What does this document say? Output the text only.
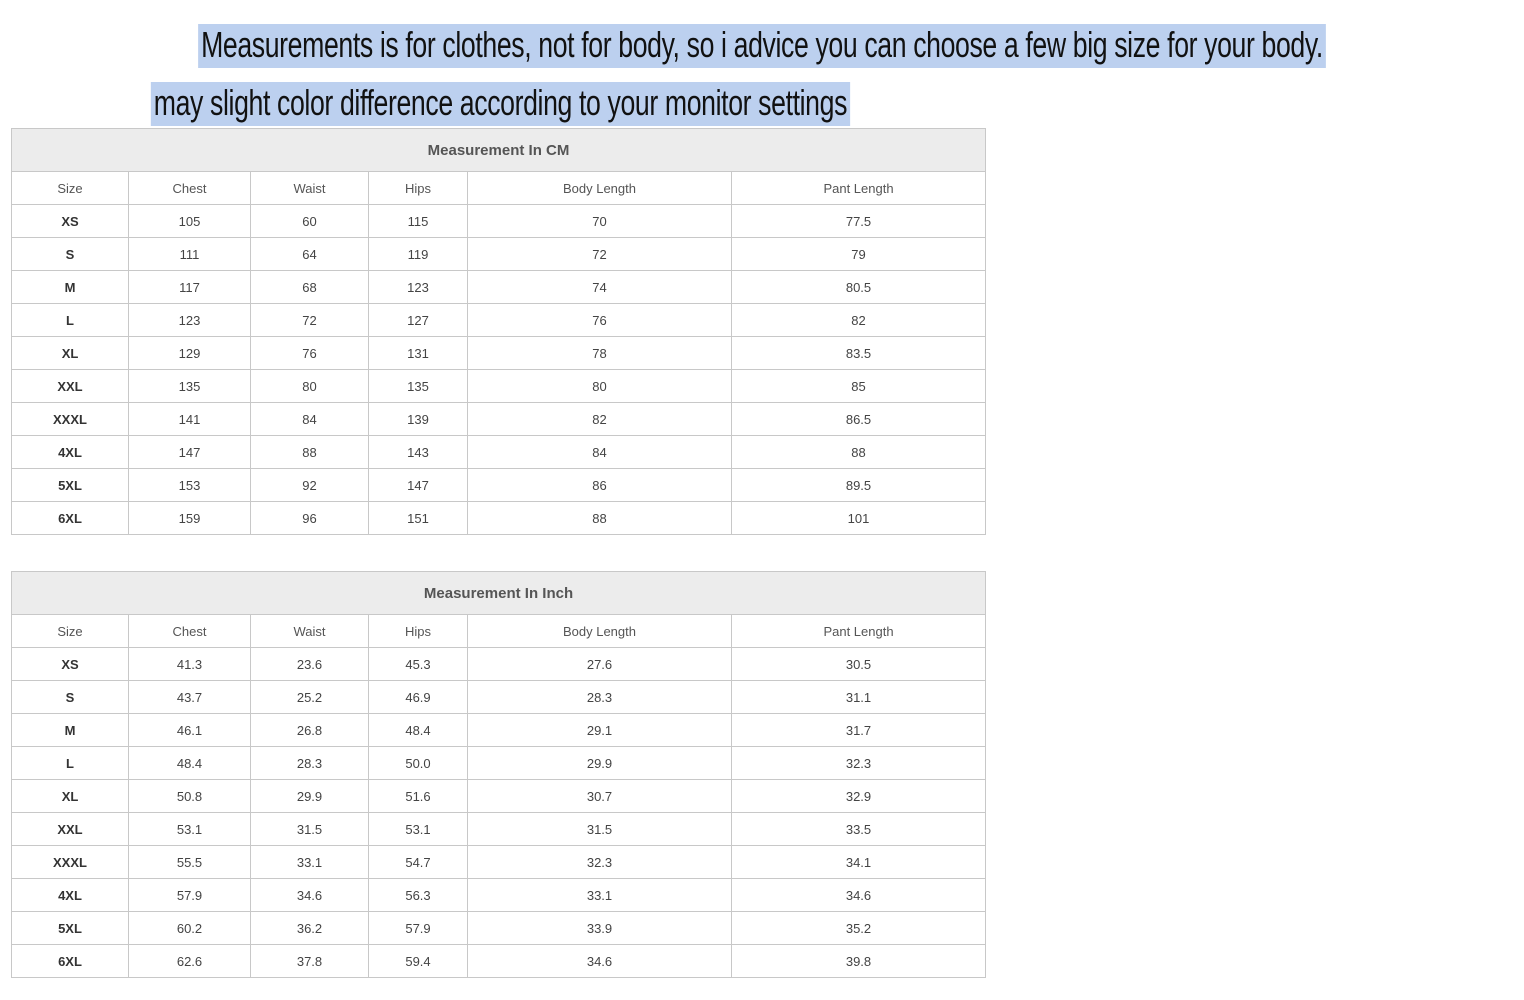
Measurements is for clothes, not for body, so i advice you can choose a few big size for your body.
may slight color difference according to your monitor settings
Measurement In CM					
Size	Chest	Waist	Hips	Body Length	Pant Length
XS	105	60	115	70	77.5
S	111	64	119	72	79
M	117	68	123	74	80.5
L	123	72	127	76	82
XL	129	76	131	78	83.5
XXL	135	80	135	80	85
XXXL	141	84	139	82	86.5
4XL	147	88	143	84	88
5XL	153	92	147	86	89.5
6XL	159	96	151	88	101
Measurement In Inch					
Size	Chest	Waist	Hips	Body Length	Pant Length
XS	41.3	23.6	45.3	27.6	30.5
S	43.7	25.2	46.9	28.3	31.1
M	46.1	26.8	48.4	29.1	31.7
L	48.4	28.3	50.0	29.9	32.3
XL	50.8	29.9	51.6	30.7	32.9
XXL	53.1	31.5	53.1	31.5	33.5
XXXL	55.5	33.1	54.7	32.3	34.1
4XL	57.9	34.6	56.3	33.1	34.6
5XL	60.2	36.2	57.9	33.9	35.2
6XL	62.6	37.8	59.4	34.6	39.8
